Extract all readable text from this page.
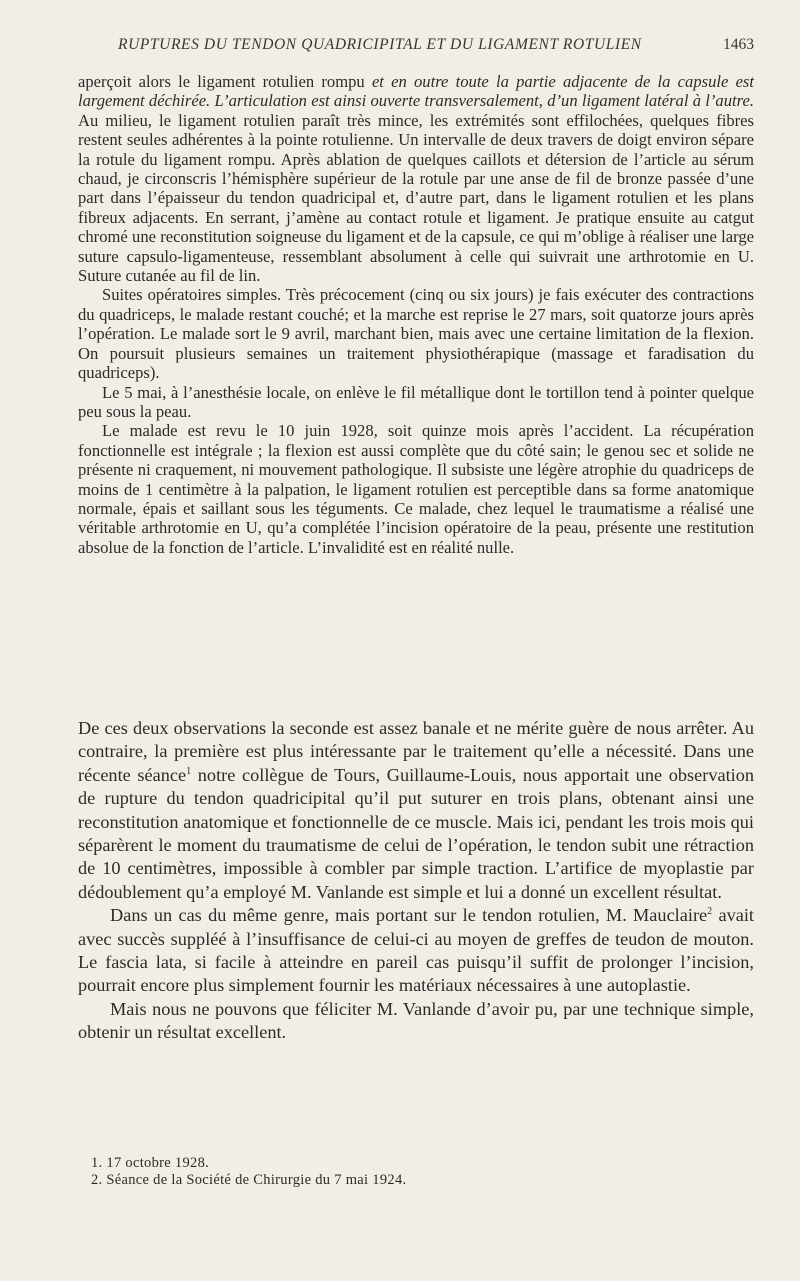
RUPTURES DU TENDON QUADRICIPITAL ET DU LIGAMENT ROTULIEN	1463

aperçoit alors le ligament rotulien rompu et en outre toute la partie adjacente de la capsule est largement déchirée. L’articulation est ainsi ouverte transversalement, d’un ligament latéral à l’autre. Au milieu, le ligament rotulien paraît très mince, les extrémités sont effilochées, quelques fibres restent seules adhérentes à la pointe rotulienne. Un intervalle de deux travers de doigt environ sépare la rotule du ligament rompu. Après ablation de quelques caillots et détersion de l’article au sérum chaud, je circonscris l’hémisphère supérieur de la rotule par une anse de fil de bronze passée d’une part dans l’épaisseur du tendon quadricipal et, d’autre part, dans le ligament rotulien et les plans fibreux adjacents. En serrant, j’amène au contact rotule et ligament. Je pratique ensuite au catgut chromé une reconstitution soigneuse du ligament et de la capsule, ce qui m’oblige à réaliser une large suture capsulo-ligamenteuse, ressemblant absolument à celle qui suivrait une arthrotomie en U. Suture cutanée au fil de lin.

Suites opératoires simples. Très précocement (cinq ou six jours) je fais exécuter des contractions du quadriceps, le malade restant couché; et la marche est reprise le 27 mars, soit quatorze jours après l’opération. Le malade sort le 9 avril, marchant bien, mais avec une certaine limitation de la flexion. On poursuit plusieurs semaines un traitement physiothérapique (massage et faradisation du quadriceps).

Le 5 mai, à l’anesthésie locale, on enlève le fil métallique dont le tortillon tend à pointer quelque peu sous la peau.

Le malade est revu le 10 juin 1928, soit quinze mois après l’accident. La récupération fonctionnelle est intégrale ; la flexion est aussi complète que du côté sain; le genou sec et solide ne présente ni craquement, ni mouvement pathologique. Il subsiste une légère atrophie du quadriceps de moins de 1 centimètre à la palpation, le ligament rotulien est perceptible dans sa forme anatomique normale, épais et saillant sous les téguments. Ce malade, chez lequel le traumatisme a réalisé une véritable arthrotomie en U, qu’a complétée l’incision opératoire de la peau, présente une restitution absolue de la fonction de l’article. L’invalidité est en réalité nulle.

De ces deux observations la seconde est assez banale et ne mérite guère de nous arrêter. Au contraire, la première est plus intéressante par le traitement qu’elle a nécessité. Dans une récente séance$^1$ notre collègue de Tours, Guillaume-Louis, nous apportait une observation de rupture du tendon quadricipital qu’il put suturer en trois plans, obtenant ainsi une reconstitution anatomique et fonctionnelle de ce muscle. Mais ici, pendant les trois mois qui séparèrent le moment du traumatisme de celui de l’opération, le tendon subit une rétraction de 10 centimètres, impossible à combler par simple traction. L’artifice de myoplastie par dédoublement qu’a employé M. Vanlande est simple et lui a donné un excellent résultat.

Dans un cas du même genre, mais portant sur le tendon rotulien, M. Mauclaire$^2$ avait avec succès suppléé à l’insuffisance de celui-ci au moyen de greffes de teudon de mouton. Le fascia lata, si facile à atteindre en pareil cas puisqu’il suffit de prolonger l’incision, pourrait encore plus simplement fournir les matériaux nécessaires à une autoplastie.

Mais nous ne pouvons que féliciter M. Vanlande d’avoir pu, par une technique simple, obtenir un résultat excellent.

1. 17 octobre 1928.
2. Séance de la Société de Chirurgie du 7 mai 1924.
